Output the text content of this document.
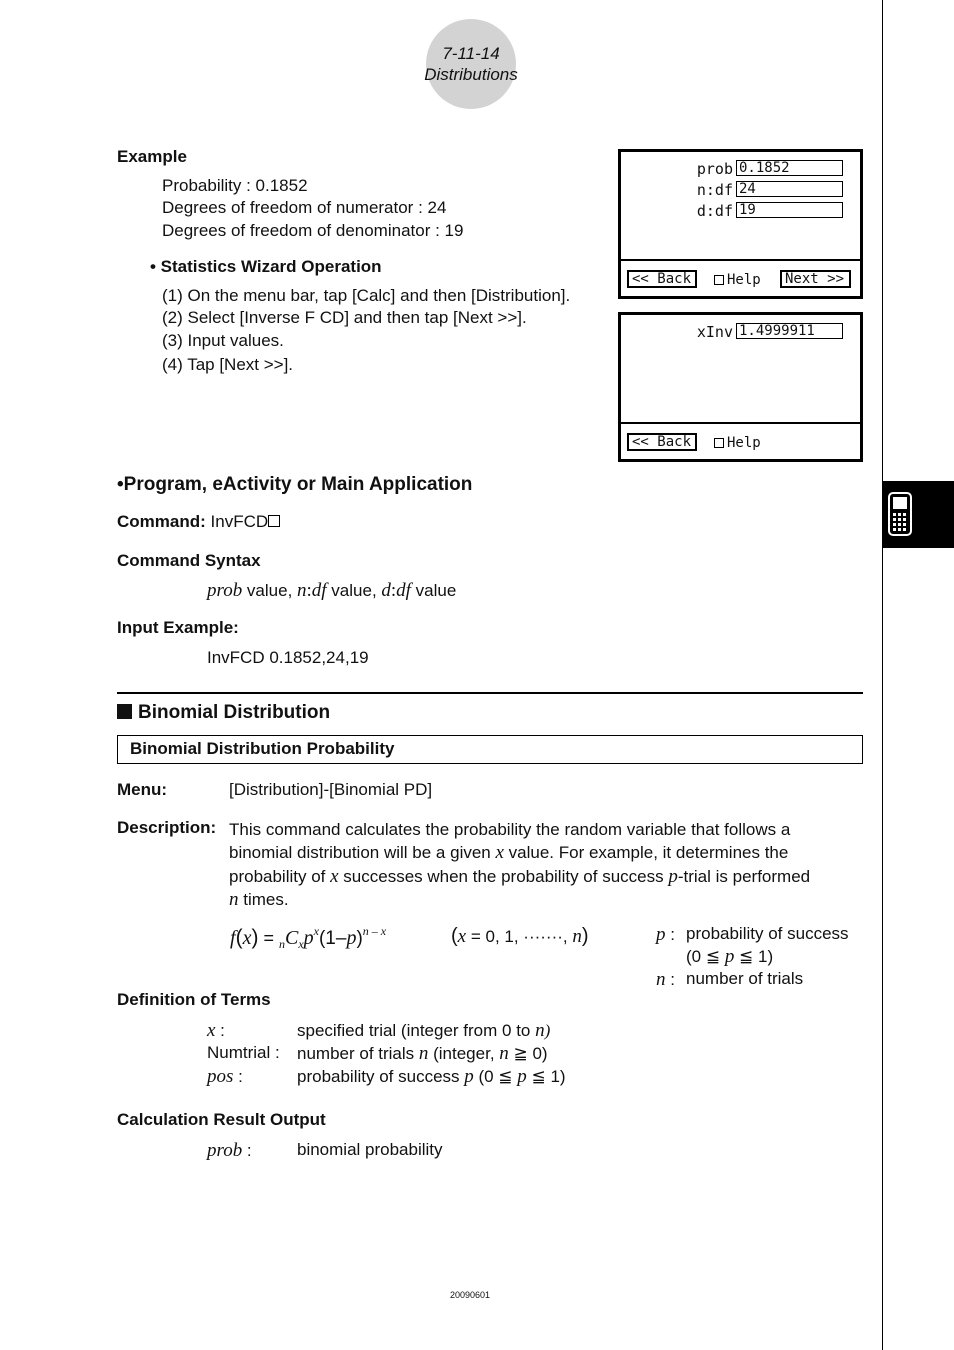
7-11-14
Distributions
Example
Probability : 0.1852
Degrees of freedom of numerator : 24
Degrees of freedom of denominator : 19
• Statistics Wizard Operation
(1) On the menu bar, tap [Calc] and then [Distribution].
(2) Select [Inverse F CD] and then tap [Next >>].
(3) Input values.
(4) Tap [Next >>].
prob 0.1852
n:df 24
d:df 19
<< Back	Help	Next >>
xInv 1.4999911
<< Back	Help
•Program, eActivity or Main Application
Command: InvFCD
Command Syntax
prob value, n:df value, d:df value
Input Example:
InvFCD 0.1852,24,19
Binomial Distribution
Binomial Distribution Probability
Menu:	[Distribution]-[Binomial PD]
Description: This command calculates the probability the random variable that follows a
binomial distribution will be a given x value. For example, it determines the
probability of x successes when the probability of success p-trial is performed
n times.
$f(x) = _nC_xp^x(1-p)^{n - x}$	(x = 0, 1, ·······, n)	p : probability of success
(0 ≦ p ≦ 1)
n : number of trials
Definition of Terms
x :	specified trial (integer from 0 to n)
Numtrial : number of trials n (integer, n ≧ 0)
pos :	probability of success p (0 ≦ p ≦ 1)
Calculation Result Output
prob :	binomial probability
20090601
